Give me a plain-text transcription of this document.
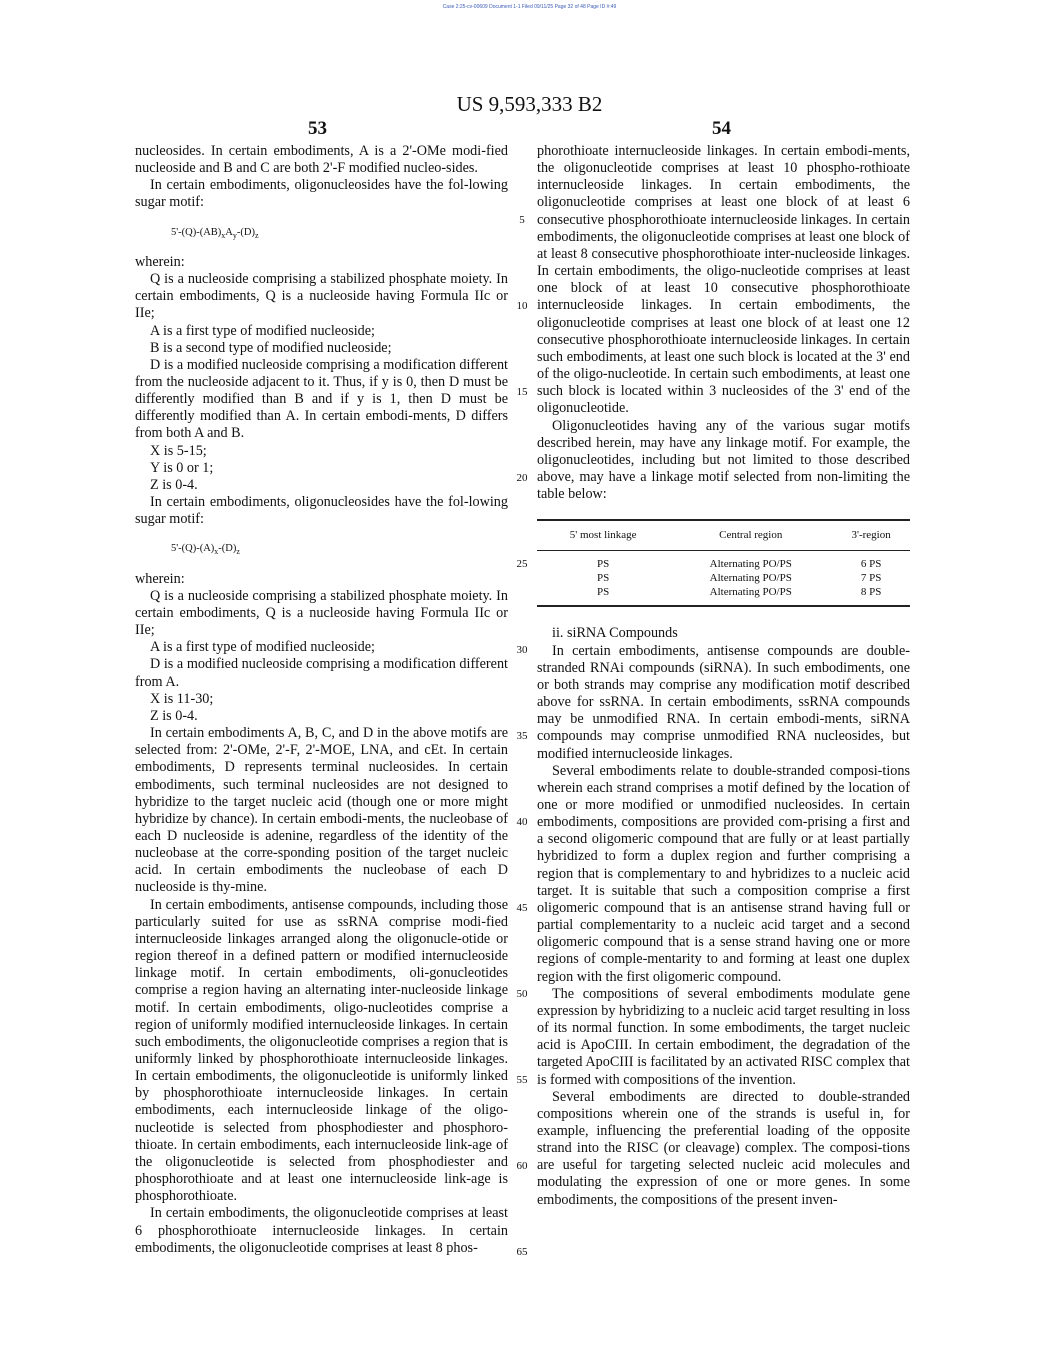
Case 2:25-cv-00609 Document 1-1 Filed 09/11/25 Page 32 of 48 Page ID #:49
US 9,593,333 B2
53	54

nucleosides. In certain embodiments, A is a 2'-OMe modi-fied nucleoside and B and C are both 2'-F modified nucleo-sides.

In certain embodiments, oligonucleosides have the fol-lowing sugar motif:

$5'-(Q)-(AB)_xA_y-(D)_z$

wherein:

Q is a nucleoside comprising a stabilized phosphate moiety. In certain embodiments, Q is a nucleoside having Formula IIc or IIe;

A is a first type of modified nucleoside;

B is a second type of modified nucleoside;

D is a modified nucleoside comprising a modification different from the nucleoside adjacent to it. Thus, if y is 0, then D must be differently modified than B and if y is 1, then D must be differently modified than A. In certain embodi-ments, D differs from both A and B.

X is 5-15;

Y is 0 or 1;

Z is 0-4.

In certain embodiments, oligonucleosides have the fol-lowing sugar motif:

$5'-(Q)-(A)_x-(D)_z$

wherein:

Q is a nucleoside comprising a stabilized phosphate moiety. In certain embodiments, Q is a nucleoside having Formula IIc or IIe;

A is a first type of modified nucleoside;

D is a modified nucleoside comprising a modification different from A.

X is 11-30;

Z is 0-4.

In certain embodiments A, B, C, and D in the above motifs are selected from: 2'-OMe, 2'-F, 2'-MOE, LNA, and cEt. In certain embodiments, D represents terminal nucleosides. In certain embodiments, such terminal nucleosides are not designed to hybridize to the target nucleic acid (though one or more might hybridize by chance). In certain embodi-ments, the nucleobase of each D nucleoside is adenine, regardless of the identity of the nucleobase at the corre-sponding position of the target nucleic acid. In certain embodiments the nucleobase of each D nucleoside is thy-mine.

In certain embodiments, antisense compounds, including those particularly suited for use as ssRNA comprise modi-fied internucleoside linkages arranged along the oligonucle-otide or region thereof in a defined pattern or modified internucleoside linkage motif. In certain embodiments, oli-gonucleotides comprise a region having an alternating inter-nucleoside linkage motif. In certain embodiments, oligo-nucleotides comprise a region of uniformly modified internucleoside linkages. In certain such embodiments, the oligonucleotide comprises a region that is uniformly linked by phosphorothioate internucleoside linkages. In certain embodiments, the oligonucleotide is uniformly linked by phosphorothioate internucleoside linkages. In certain embodiments, each internucleoside linkage of the oligo-nucleotide is selected from phosphodiester and phosphoro-thioate. In certain embodiments, each internucleoside link-age of the oligonucleotide is selected from phosphodiester and phosphorothioate and at least one internucleoside link-age is phosphorothioate.

In certain embodiments, the oligonucleotide comprises at least 6 phosphorothioate internucleoside linkages. In certain embodiments, the oligonucleotide comprises at least 8 phos-

5
10
15
20
25
30
35
40
45
50
55
60
65

phorothioate internucleoside linkages. In certain embodi-ments, the oligonucleotide comprises at least 10 phospho-rothioate internucleoside linkages. In certain embodiments, the oligonucleotide comprises at least one block of at least 6 consecutive phosphorothioate internucleoside linkages. In certain embodiments, the oligonucleotide comprises at least one block of at least 8 consecutive phosphorothioate inter-nucleoside linkages. In certain embodiments, the oligo-nucleotide comprises at least one block of at least 10 consecutive phosphorothioate internucleoside linkages. In certain embodiments, the oligonucleotide comprises at least one block of at least one 12 consecutive phosphorothioate internucleoside linkages. In certain such embodiments, at least one such block is located at the 3' end of the oligo-nucleotide. In certain such embodiments, at least one such block is located within 3 nucleosides of the 3' end of the oligonucleotide.

Oligonucleotides having any of the various sugar motifs described herein, may have any linkage motif. For example, the oligonucleotides, including but not limited to those described above, may have a linkage motif selected from non-limiting the table below:

5' most linkage	Central region	3'-region
PS	Alternating PO/PS	6 PS
PS	Alternating PO/PS	7 PS
PS	Alternating PO/PS	8 PS

ii. siRNA Compounds

In certain embodiments, antisense compounds are double-stranded RNAi compounds (siRNA). In such embodiments, one or both strands may comprise any modification motif described above for ssRNA. In certain embodiments, ssRNA compounds may be unmodified RNA. In certain embodi-ments, siRNA compounds may comprise unmodified RNA nucleosides, but modified internucleoside linkages.

Several embodiments relate to double-stranded composi-tions wherein each strand comprises a motif defined by the location of one or more modified or unmodified nucleosides. In certain embodiments, compositions are provided com-prising a first and a second oligomeric compound that are fully or at least partially hybridized to form a duplex region and further comprising a region that is complementary to and hybridizes to a nucleic acid target. It is suitable that such a composition comprise a first oligomeric compound that is an antisense strand having full or partial complementarity to a nucleic acid target and a second oligomeric compound that is a sense strand having one or more regions of comple-mentarity to and forming at least one duplex region with the first oligomeric compound.

The compositions of several embodiments modulate gene expression by hybridizing to a nucleic acid target resulting in loss of its normal function. In some embodiments, the target nucleic acid is ApoCIII. In certain embodiment, the degradation of the targeted ApoCIII is facilitated by an activated RISC complex that is formed with compositions of the invention.

Several embodiments are directed to double-stranded compositions wherein one of the strands is useful in, for example, influencing the preferential loading of the opposite strand into the RISC (or cleavage) complex. The composi-tions are useful for targeting selected nucleic acid molecules and modulating the expression of one or more genes. In some embodiments, the compositions of the present inven-
